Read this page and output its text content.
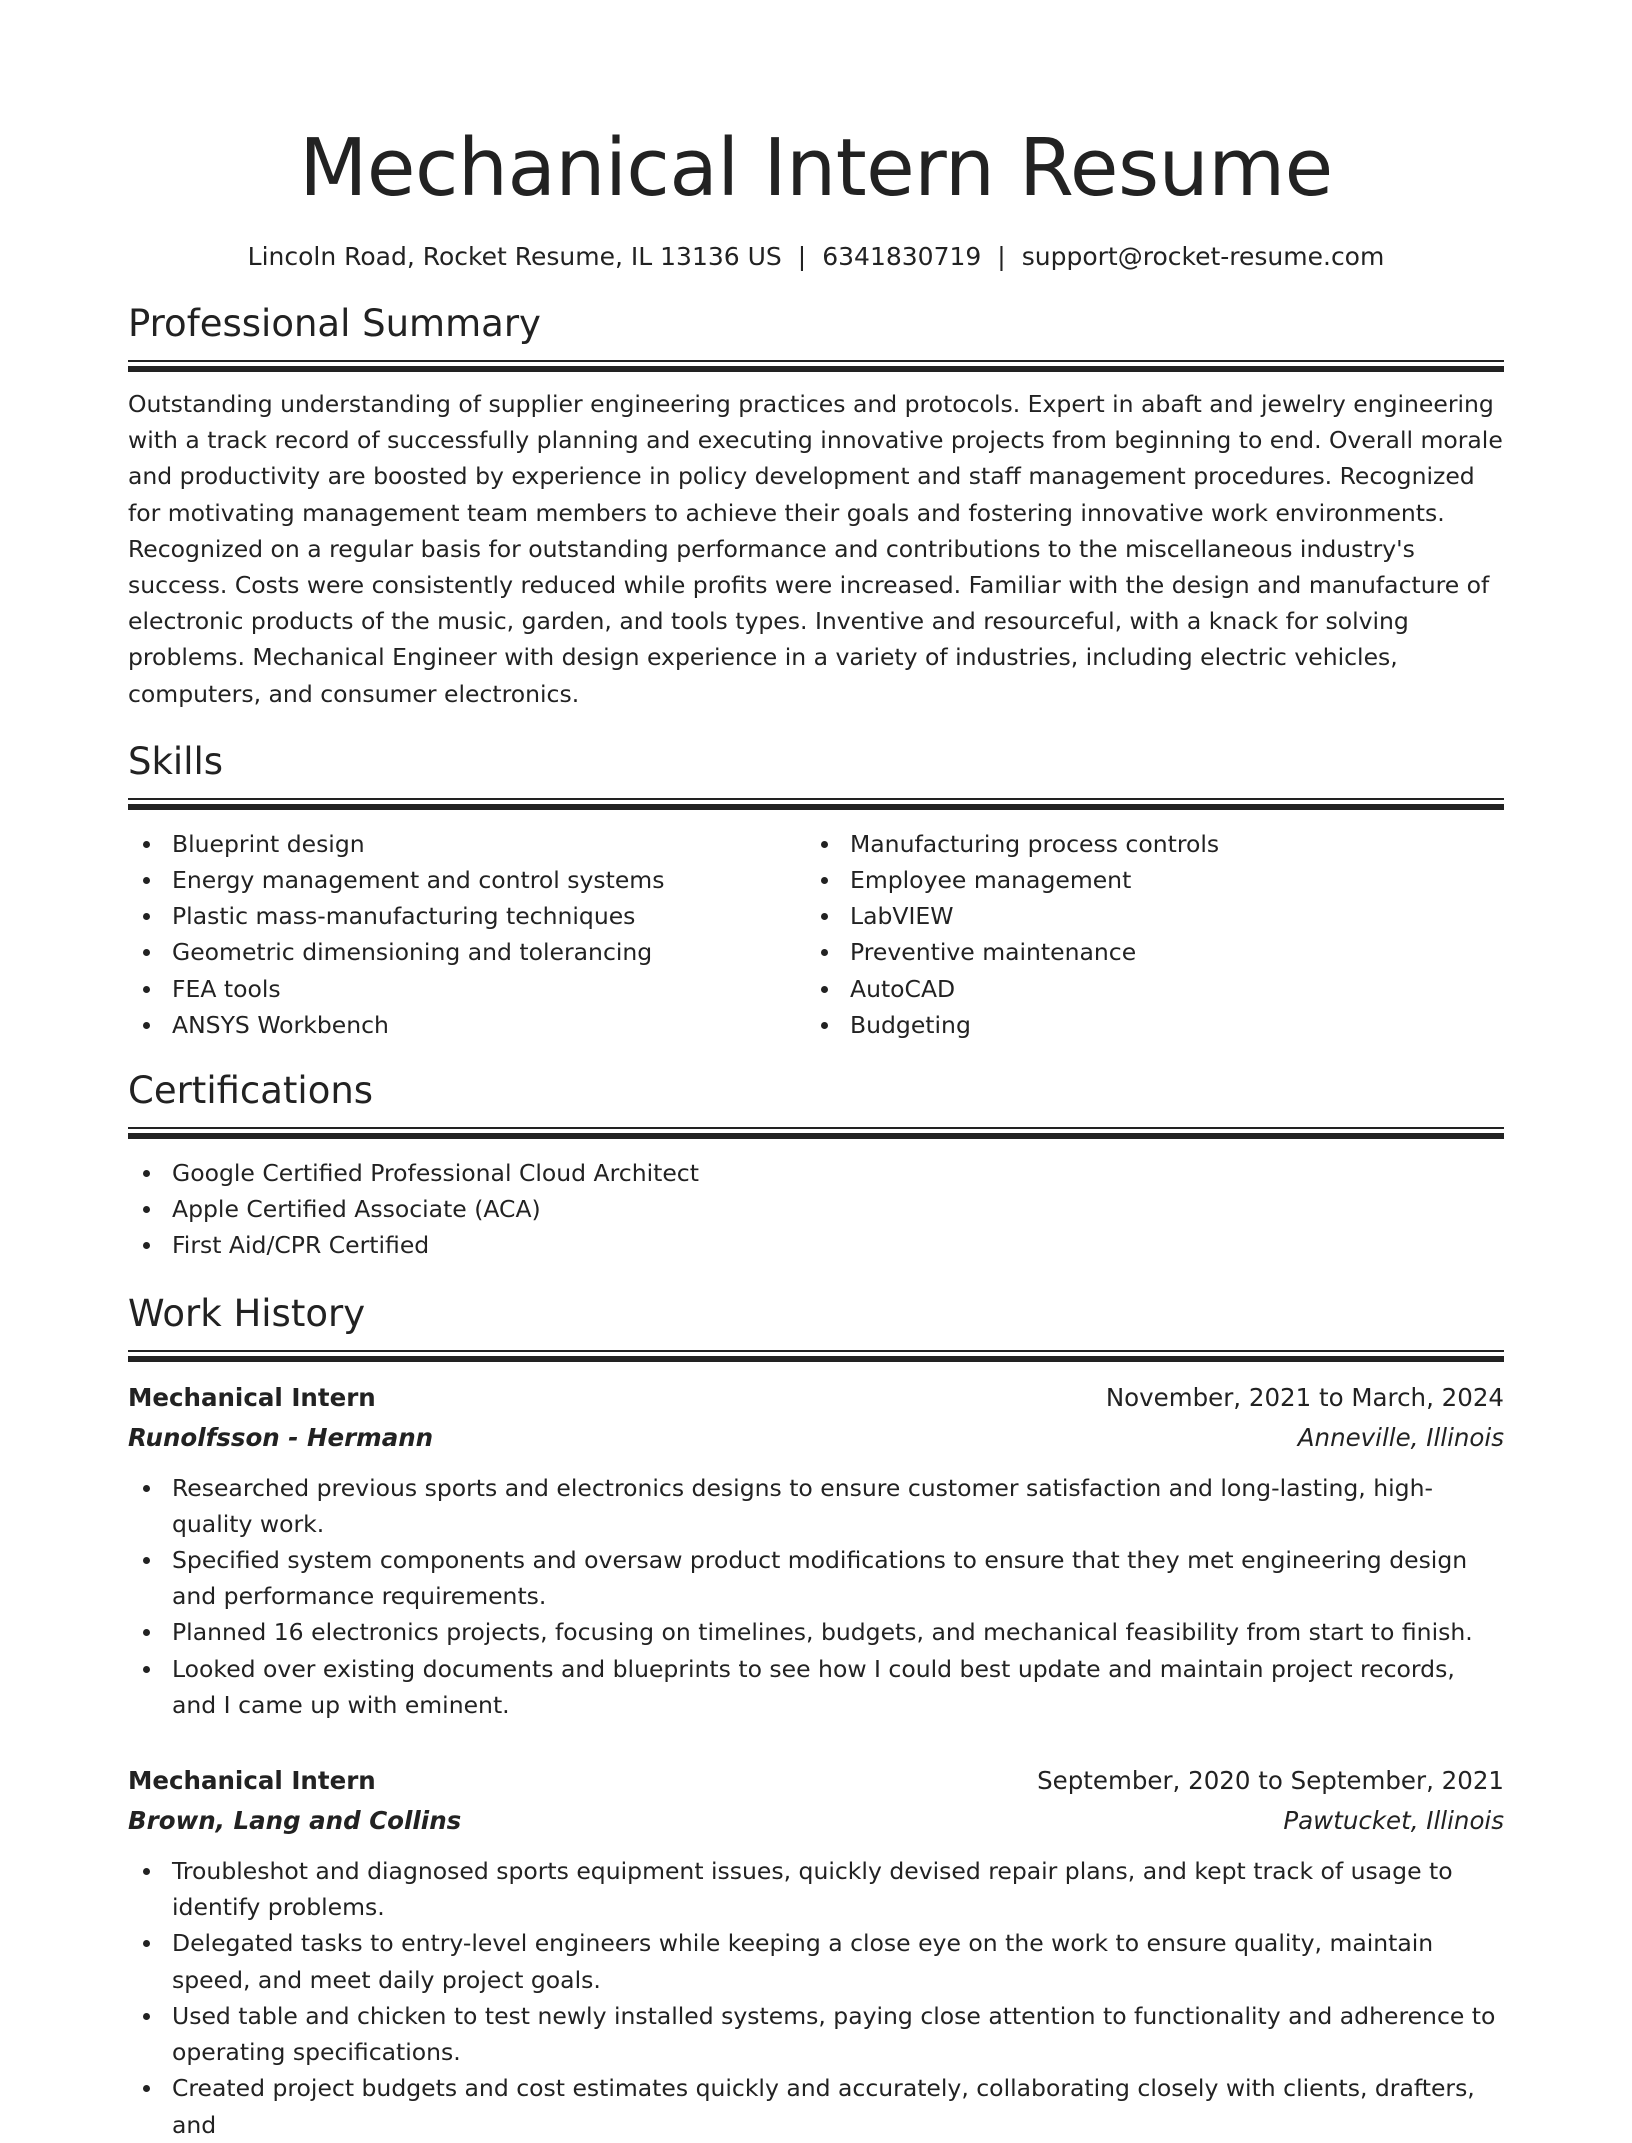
Mechanical Intern Resume
Lincoln Road, Rocket Resume, IL 13136 US | 6341830719 | support@rocket-resume.com
Professional Summary
Outstanding understanding of supplier engineering practices and protocols. Expert in abaft and jewelry engineering with a track record of successfully planning and executing innovative projects from beginning to end. Overall morale and productivity are boosted by experience in policy development and staff management procedures. Recognized for motivating management team members to achieve their goals and fostering innovative work environments. Recognized on a regular basis for outstanding performance and contributions to the miscellaneous industry's success. Costs were consistently reduced while profits were increased. Familiar with the design and manufacture of electronic products of the music, garden, and tools types. Inventive and resourceful, with a knack for solving problems. Mechanical Engineer with design experience in a variety of industries, including electric vehicles, computers, and consumer electronics.
Skills
Blueprint design
Energy management and control systems
Plastic mass-manufacturing techniques
Geometric dimensioning and tolerancing
FEA tools
ANSYS Workbench
Manufacturing process controls
Employee management
LabVIEW
Preventive maintenance
AutoCAD
Budgeting
Certifications
Google Certified Professional Cloud Architect
Apple Certified Associate (ACA)
First Aid/CPR Certified
Work History
Mechanical Intern	November, 2021 to March, 2024
Runolfsson - Hermann	Anneville, Illinois
Researched previous sports and electronics designs to ensure customer satisfaction and long-lasting, high-quality work.
Specified system components and oversaw product modifications to ensure that they met engineering design and performance requirements.
Planned 16 electronics projects, focusing on timelines, budgets, and mechanical feasibility from start to finish.
Looked over existing documents and blueprints to see how I could best update and maintain project records, and I came up with eminent.
Mechanical Intern	September, 2020 to September, 2021
Brown, Lang and Collins	Pawtucket, Illinois
Troubleshot and diagnosed sports equipment issues, quickly devised repair plans, and kept track of usage to identify problems.
Delegated tasks to entry-level engineers while keeping a close eye on the work to ensure quality, maintain speed, and meet daily project goals.
Used table and chicken to test newly installed systems, paying close attention to functionality and adherence to operating specifications.
Created project budgets and cost estimates quickly and accurately, collaborating closely with clients, drafters, and
